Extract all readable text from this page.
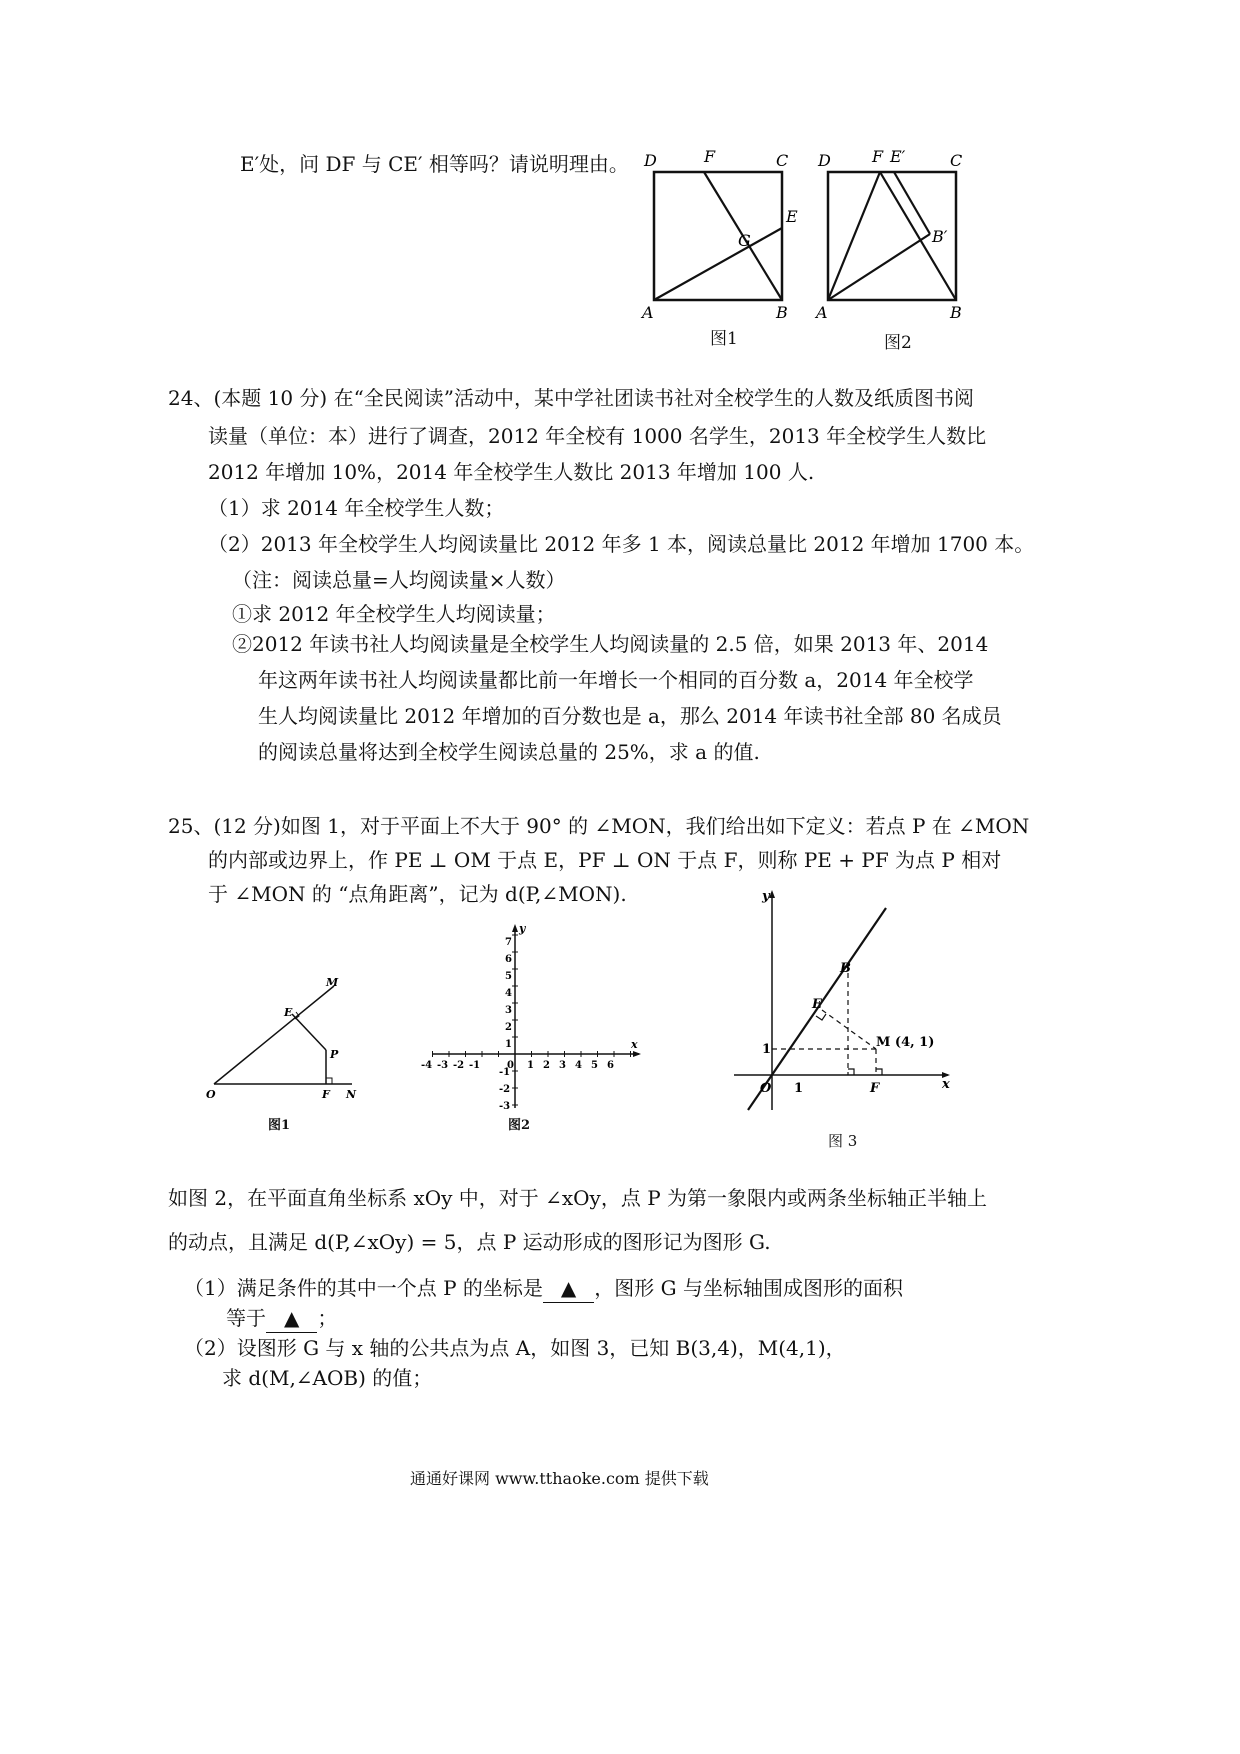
E′处，问 DF 与 CE′ 相等吗？请说明理由。 D	F	C
E
G
A	B
图1
D	F E′	C
B′
A	B
图2
24、(本题 10 分) 在“全民阅读”活动中，某中学社团读书社对全校学生的人数及纸质图书阅
读量（单位：本）进行了调查，2012 年全校有 1000 名学生，2013 年全校学生人数比
2012 年增加 10%，2014 年全校学生人数比 2013 年增加 100 人.
（1）求 2014 年全校学生人数；
（2）2013 年全校学生人均阅读量比 2012 年多 1 本，阅读总量比 2012 年增加 1700 本。
（注：阅读总量=人均阅读量×人数）
①求 2012 年全校学生人均阅读量；
②2012 年读书社人均阅读量是全校学生人均阅读量的 2.5 倍，如果 2013 年、2014
年这两年读书社人均阅读量都比前一年增长一个相同的百分数 a，2014 年全校学
生人均阅读量比 2012 年增加的百分数也是 a，那么 2014 年读书社全部 80 名成员
的阅读总量将达到全校学生阅读总量的 25%，求 a 的值.
25、(12 分)如图 1，对于平面上不大于 90° 的 ∠MON，我们给出如下定义：若点 P 在 ∠MON
的内部或边界上，作 PE ⊥ OM 于点 E，PF ⊥ ON 于点 F，则称 PE + PF 为点 P 相对
于 ∠MON 的 “点角距离”，记为 d(P,∠MON).
M
E
P
O	F N
图1
y
x
-4 -3 -2 -1	0 1 2 3 4 5 6
7
6
5
4
3
2
1
-1
-2
-3
图2
y
B
E
M (4, 1)
1
O 1	F	x
图 3
如图 2，在平面直角坐标系 xOy 中，对于 ∠xOy，点 P 为第一象限内或两条坐标轴正半轴上
的动点，且满足 d(P,∠xOy) = 5，点 P 运动形成的图形记为图形 G.
（1）满足条件的其中一个点 P 的坐标是 ▲ ，图形 G 与坐标轴围成图形的面积
等于 ▲ ；
（2）设图形 G 与 x 轴的公共点为点 A，如图 3，已知 B(3,4)，M(4,1)，
求 d(M,∠AOB) 的值；
通通好课网 www.tthaoke.com 提供下载
